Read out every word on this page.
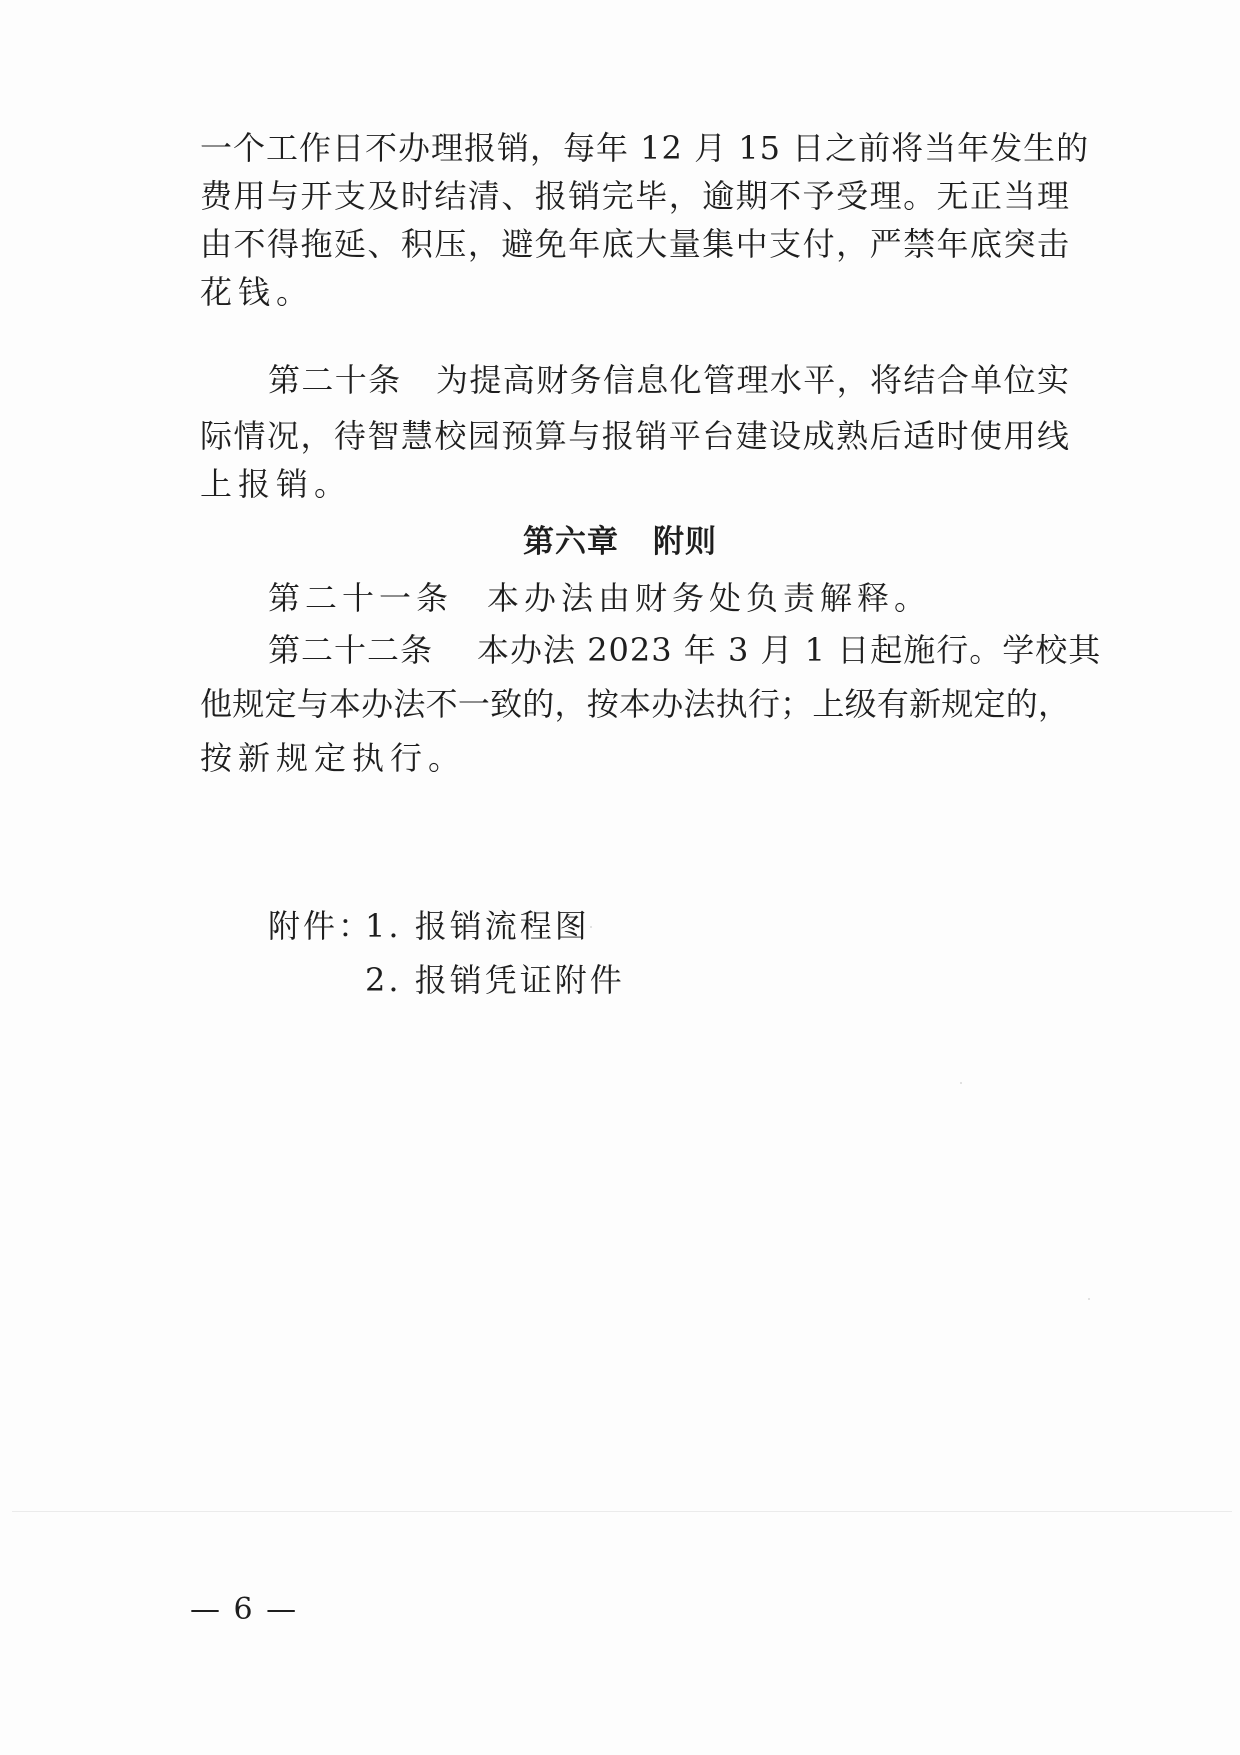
一个工作日不办理报销，每年 12 月 15 日之前将当年发生的
费用与开支及时结清、报销完毕，逾期不予受理。无正当理
由不得拖延、积压，避免年底大量集中支付，严禁年底突击
花钱。
第二十条 为提高财务信息化管理水平，将结合单位实
际情况，待智慧校园预算与报销平台建设成熟后适时使用线
上报销。
第六章 附则
第二十一条 本办法由财务处负责解释。
第二十二条 本办法 2023 年 3 月 1 日起施行。学校其
他规定与本办法不一致的，按本办法执行；上级有新规定的，
按新规定执行。
附件：
1. 报销流程图
2. 报销凭证附件
— 6 —
